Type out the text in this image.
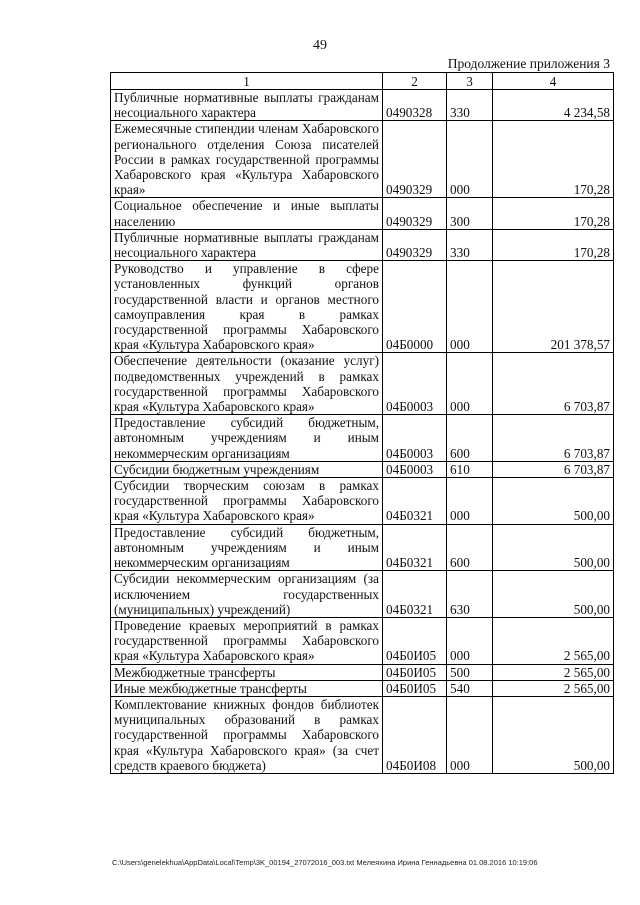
49
Продолжение приложения 3
1	2	3	4
Публичные нормативные выплаты гражданам несоциального характера	0490328	330	4 234,58
Ежемесячные стипендии членам Хабаровского регионального отделения Союза писателей России в рамках государственной программы Хабаровского края «Культура Хабаровского края»	0490329	000	170,28
Социальное обеспечение и иные выплаты населению	0490329	300	170,28
Публичные нормативные выплаты гражданам несоциального характера	0490329	330	170,28
Руководство и управление в сфере установленных функций органов государственной власти и органов местного самоуправления края в рамках государственной программы Хабаровского края «Культура Хабаровского края»	04Б0000	000	201 378,57
Обеспечение деятельности (оказание услуг) подведомственных учреждений в рамках государственной программы Хабаровского края «Культура Хабаровского края»	04Б0003	000	6 703,87
Предоставление субсидий бюджетным, автономным учреждениям и иным некоммерческим организациям	04Б0003	600	6 703,87
Субсидии бюджетным учреждениям	04Б0003	610	6 703,87
Субсидии творческим союзам в рамках государственной программы Хабаровского края «Культура Хабаровского края»	04Б0321	000	500,00
Предоставление субсидий бюджетным, автономным учреждениям и иным некоммерческим организациям	04Б0321	600	500,00
Субсидии некоммерческим организациям (за исключением государственных (муниципальных) учреждений)	04Б0321	630	500,00
Проведение краевых мероприятий в рамках государственной программы Хабаровского края «Культура Хабаровского края»	04Б0И05	000	2 565,00
Межбюджетные трансферты	04Б0И05	500	2 565,00
Иные межбюджетные трансферты	04Б0И05	540	2 565,00
Комплектование книжных фондов библиотек муниципальных образований в рамках государственной программы Хабаровского края «Культура Хабаровского края» (за счет средств краевого бюджета)	04Б0И08	000	500,00
C:\Users\genelekhua\AppData\Local\Temp\3K_00194_27072016_003.txt Мелеяхина Ирина Геннадьевна 01.08.2016 10:19:06
